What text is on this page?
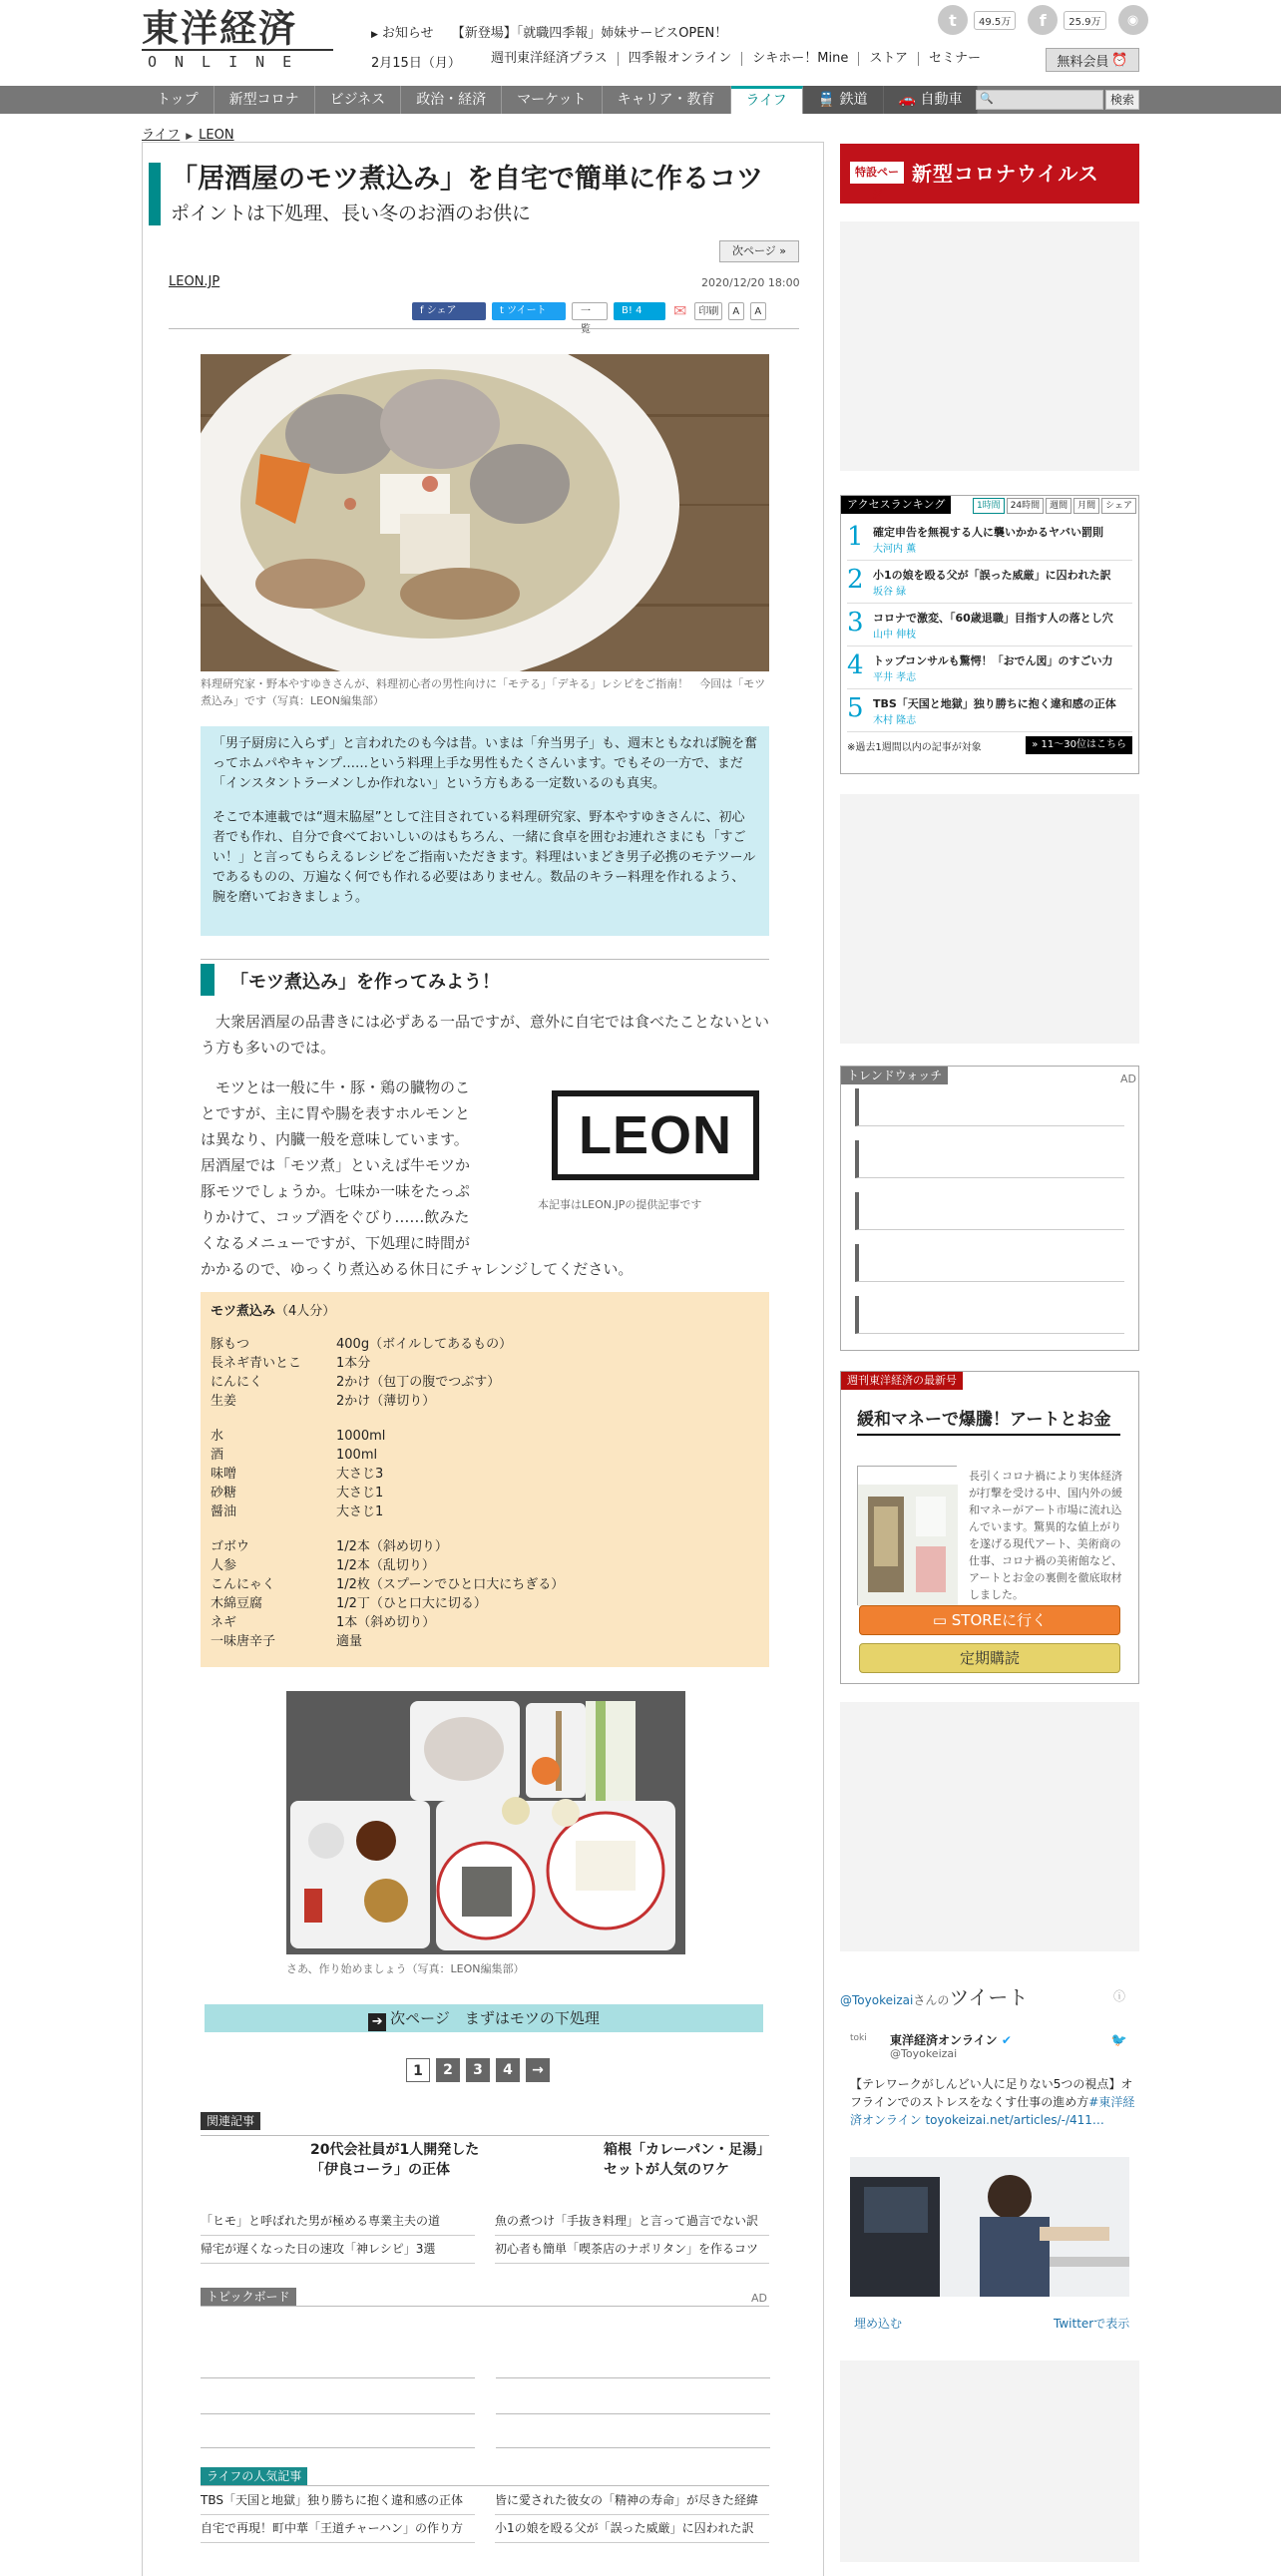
東洋経済
ONLINE
▶ お知らせ 【新登場】「就職四季報」姉妹サービスOPEN！
2月15日（月） 週刊東洋経済プラス	四季報オンライン	シキホー！Mine	ストア	セミナー
t	49.5万	f	25.9万	◉
無料会員 ⏰
トップ	新型コロナ	ビジネス	政治・経済	マーケット	キャリア・教育	ライフ	🚆 鉄道	🚗 自動車	🔍	検索
ライフ ▶ LEON
「居酒屋のモツ煮込み」を自宅で簡単に作るコツ
ポイントは下処理、長い冬のお酒のお供に
次ページ »
LEON.JP	2020/12/20 18:00
f シェア	t ツイート	一覧
B! 4	✉	印刷	A	A
料理研究家・野本やすゆきさんが、料理初心者の男性向けに「モテる」「デキる」レシピをご指南！　今回は「モツ煮込み」です（写真：LEON編集部）

「男子厨房に入らず」と言われたのも今は昔。いまは「弁当男子」も、週末ともなれば腕を奮ってホムパやキャンプ……という料理上手な男性もたくさんいます。でもその一方で、まだ「インスタントラーメンしか作れない」という方もある一定数いるのも真実。

そこで本連載では“週末脇屋”として注目されている料理研究家、野本やすゆきさんに、初心者でも作れ、自分で食べておいしいのはもちろん、一緒に食卓を囲むお連れさまにも「すごい！」と言ってもらえるレシピをご指南いただきます。料理はいまどき男子必携のモテツールであるものの、万遍なく何でも作れる必要はありません。数品のキラー料理を作れるよう、腕を磨いておきましょう。

「モツ煮込み」を作ってみよう！
大衆居酒屋の品書きには必ずある一品ですが、意外に自宅では食べたことないという方も多いのでは。
モツとは一般に牛・豚・鶏の臓物のこ
とですが、主に胃や腸を表すホルモンと
は異なり、内臓一般を意味しています。
居酒屋では「モツ煮」といえば牛モツか
豚モツでしょうか。七味か一味をたっぷ
りかけて、コップ酒をぐびり……飲みた
くなるメニューですが、下処理に時間が
かかるので、ゆっくり煮込める休日にチャレンジしてください。
LEON
本記事はLEON.JPの提供記事です
モツ煮込み（4人分）
豚もつ	400g（ボイルしてあるもの）
長ネギ青いとこ	1本分
にんにく	2かけ（包丁の腹でつぶす）
生姜	2かけ（薄切り）
水	1000ml
酒	100ml
味噌	大さじ3
砂糖	大さじ1
醤油	大さじ1
ゴボウ	1/2本（斜め切り）
人参	1/2本（乱切り）
こんにゃく	1/2枚（スプーンでひと口大にちぎる）
木綿豆腐	1/2丁（ひと口大に切る）
ネギ	1本（斜め切り）
一味唐辛子	適量
さあ、作り始めましょう（写真：LEON編集部）
➔ 次ページ　まずはモツの下処理
1	2	3	4	→
関連記事
20代会社員が1人開発した「伊良コーラ」の正体
箱根「カレーパン・足湯」セットが人気のワケ
「ヒモ」と呼ばれた男が極める専業主夫の道	魚の煮つけ「手抜き料理」と言って過言でない訳
帰宅が遅くなった日の速攻「神レシピ」3選	初心者も簡単「喫茶店のナポリタン」を作るコツ
トピックボード	AD
ライフの人気記事
TBS「天国と地獄」独り勝ちに抱く違和感の正体	皆に愛された彼女の「精神の寿命」が尽きた経緯
自宅で再現！町中華「王道チャーハン」の作り方	小1の娘を殴る父が「誤った威厳」に囚われた訳
特設ページ
新型コロナウイルス
アクセスランキング	1時間	24時間	週間	月間	シェア
1 確定申告を無視する人に襲いかかるヤバい罰則
大河内 薫
2 小1の娘を殴る父が「誤った威厳」に囚われた訳
坂谷 緑
3 コロナで激変、「60歳退職」目指す人の落とし穴
山中 伸枝
4 トップコンサルも驚愕！「おでん図」のすごい力
平井 孝志
5 TBS「天国と地獄」独り勝ちに抱く違和感の正体
木村 隆志
※過去1週間以内の記事が対象	» 11～30位はこちら
トレンドウォッチ	AD
週刊東洋経済の最新号
緩和マネーで爆騰！アートとお金
長引くコロナ禍により実体経済が打撃を受ける中、国内外の緩和マネーがアート市場に流れ込んでいます。驚異的な値上がりを遂げる現代アート、美術商の仕事、コロナ禍の美術館など、アートとお金の裏側を徹底取材しました。
▭ STOREに行く
定期購読
@Toyokeizaiさんのツイート	ⓘ
toki	東洋経済オンライン ✔
@Toyokeizai
🐦
【テレワークがしんどい人に足りない5つの視点】オフラインでのストレスをなくす仕事の進め方#東洋経済オンライン toyokeizai.net/articles/-/411…
埋め込む	Twitterで表示
